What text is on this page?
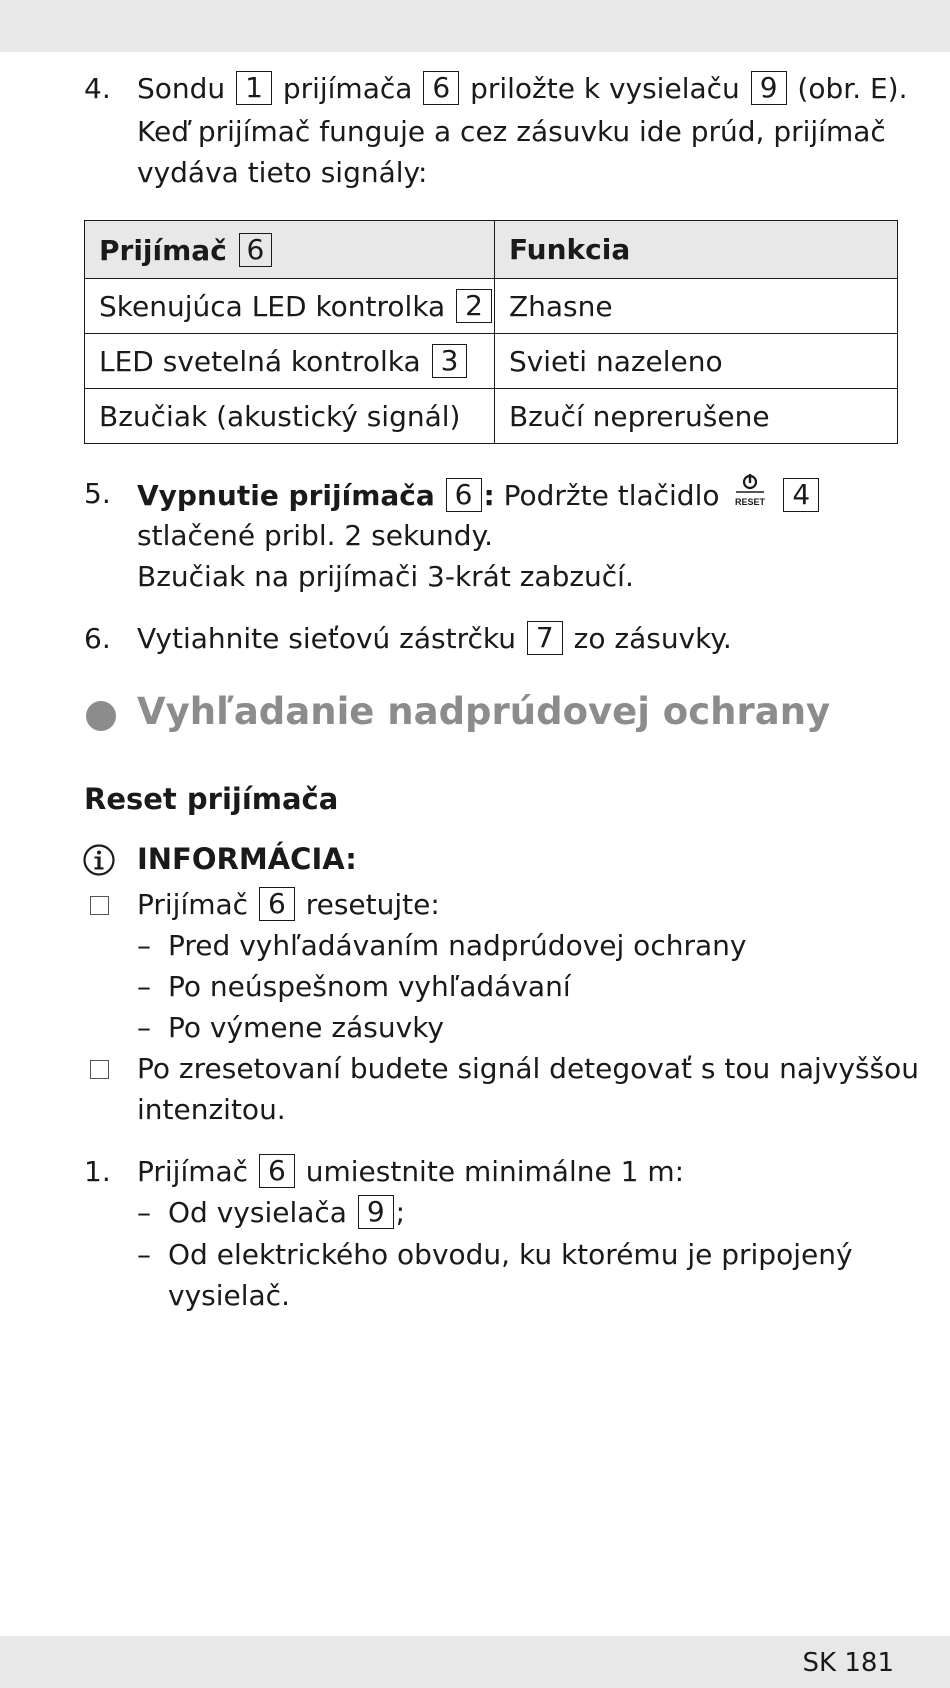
4. Sondu 1 prijímača 6 priložte k vysielaču 9 (obr. E).
Keď prijímač funguje a cez zásuvku ide prúd, prijímač
vydáva tieto signály:
Prijímač 6	Funkcia
Skenujúca LED kontrolka 2	Zhasne
LED svetelná kontrolka 3	Svieti nazeleno
Bzučiak (akustický signál)	Bzučí neprerušene
5. Vypnutie prijímača 6 : Podržte tlačidlo RESET 4
stlačené pribl. 2 sekundy.
Bzučiak na prijímači 3-krát zabzučí.
6. Vytiahnite sieťovú zástrčku 7 zo zásuvky.
Vyhľadanie nadprúdovej ochrany
Reset prijímača
INFORMÁCIA:
Prijímač 6 resetujte:
– Pred vyhľadávaním nadprúdovej ochrany
– Po neúspešnom vyhľadávaní
– Po výmene zásuvky
Po zresetovaní budete signál detegovať s tou najvyššou
intenzitou.
1. Prijímač 6 umiestnite minimálne 1 m:
– Od vysielača 9 ;
– Od elektrického obvodu, ku ktorému je pripojený
vysielač.
SK 181
